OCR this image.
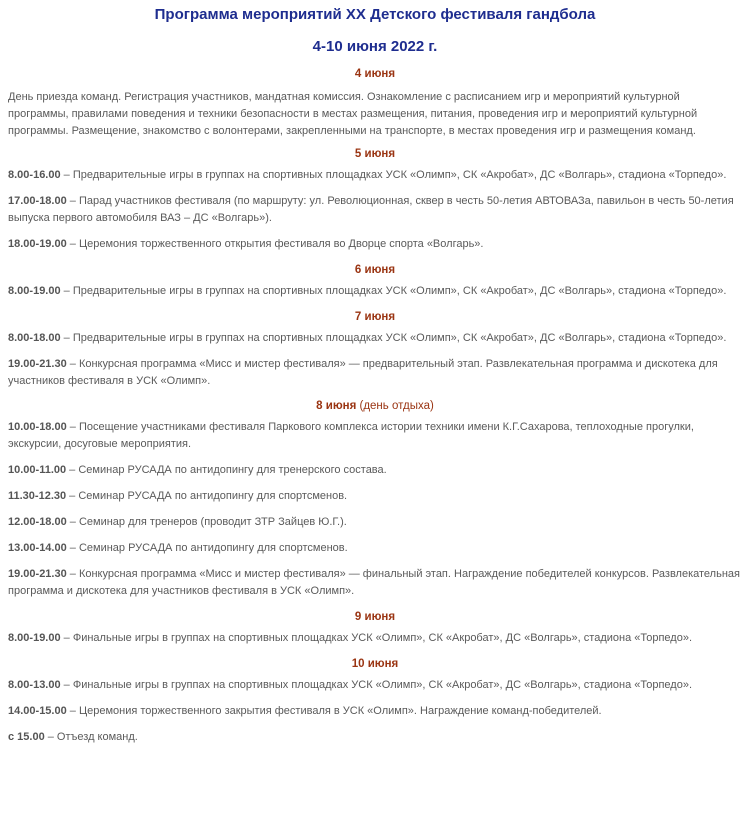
Программа мероприятий XX Детского фестиваля гандбола
4-10 июня 2022 г.
4 июня

День приезда команд. Регистрация участников, мандатная комиссия. Ознакомление с расписанием игр и мероприятий культурной программы, правилами поведения и техники безопасности в местах размещения, питания, проведения игр и мероприятий культурной программы. Размещение, знакомство с волонтерами, закрепленными на транспорте, в местах проведения игр и размещения команд.

5 июня

8.00-16.00 – Предварительные игры в группах на спортивных площадках УСК «Олимп», СК «Акробат», ДС «Волгарь», стадиона «Торпедо».

17.00-18.00 – Парад участников фестиваля (по маршруту: ул. Революционная, сквер в честь 50-летия АВТОВАЗа, павильон в честь 50-летия выпуска первого автомобиля ВАЗ – ДС «Волгарь»).

18.00-19.00 – Церемония торжественного открытия фестиваля во Дворце спорта «Волгарь».

6 июня

8.00-19.00 – Предварительные игры в группах на спортивных площадках УСК «Олимп», СК «Акробат», ДС «Волгарь», стадиона «Торпедо».

7 июня

8.00-18.00 – Предварительные игры в группах на спортивных площадках УСК «Олимп», СК «Акробат», ДС «Волгарь», стадиона «Торпедо».

19.00-21.30 – Конкурсная программа «Мисс и мистер фестиваля» — предварительный этап. Развлекательная программа и дискотека для участников фестиваля в УСК «Олимп».

8 июня (день отдыха)

10.00-18.00 – Посещение участниками фестиваля Паркового комплекса истории техники имени К.Г.Сахарова, теплоходные прогулки, экскурсии, досуговые мероприятия.

10.00-11.00 – Семинар РУСАДА по антидопингу для тренерского состава.

11.30-12.30 – Семинар РУСАДА по антидопингу для спортсменов.

12.00-18.00 – Семинар для тренеров (проводит ЗТР Зайцев Ю.Г.).

13.00-14.00 – Семинар РУСАДА по антидопингу для спортсменов.

19.00-21.30 – Конкурсная программа «Мисс и мистер фестиваля» — финальный этап. Награждение победителей конкурсов. Развлекательная программа и дискотека для участников фестиваля в УСК «Олимп».

9 июня

8.00-19.00 – Финальные игры в группах на спортивных площадках УСК «Олимп», СК «Акробат», ДС «Волгарь», стадиона «Торпедо».

10 июня

8.00-13.00 – Финальные игры в группах на спортивных площадках УСК «Олимп», СК «Акробат», ДС «Волгарь», стадиона «Торпедо».

14.00-15.00 – Церемония торжественного закрытия фестиваля в УСК «Олимп». Награждение команд-победителей.

с 15.00 – Отъезд команд.
